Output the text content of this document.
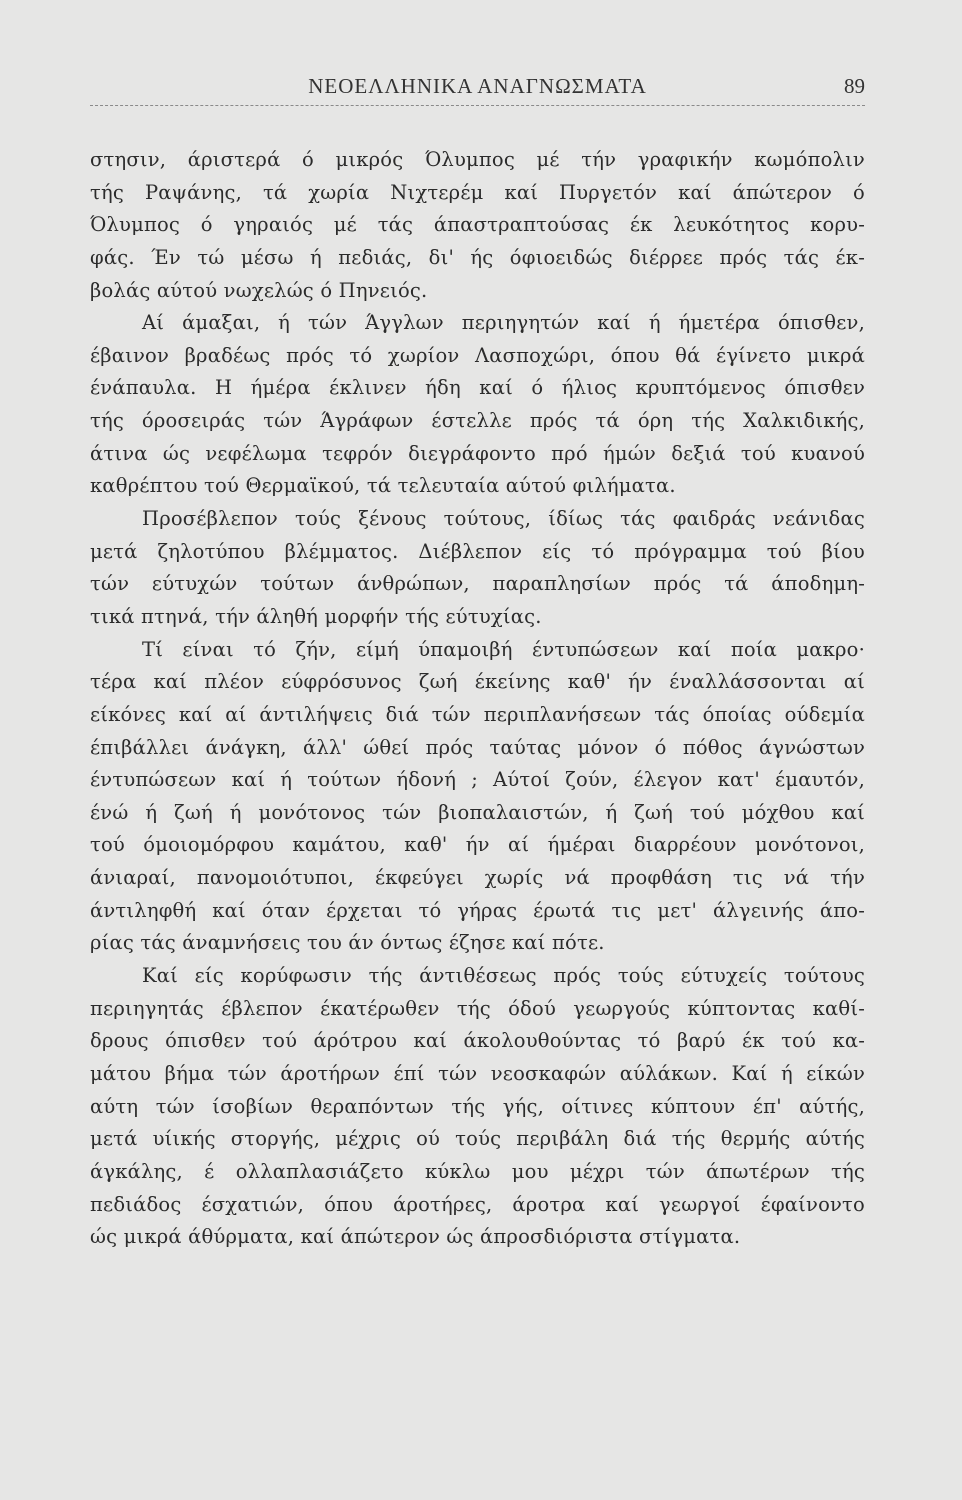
ΝΕΟΕΛΛΗΝΙΚΑ ΑΝΑΓΝΩΣΜΑΤΑ	89
στησιν, άριστερά ό μικρός Όλυμπος μέ τήν γραφικήν κωμόπολιν
τής Ραψάνης, τά χωρία Νιχτερέμ καί Πυργετόν καί άπώτερον ό
Όλυμπος ό γηραιός μέ τάς άπαστραπτούσας έκ λευκότητος κορυ-
φάς. Έν τώ μέσω ή πεδιάς, δι' ής όφιοειδώς διέρρεε πρός τάς έκ-
βολάς αύτού νωχελώς ό Πηνειός.
Αί άμαξαι, ή τών Άγγλων περιηγητών καί ή ήμετέρα όπισθεν,
έβαινον βραδέως πρός τό χωρίον Λασποχώρι, όπου θά έγίνετο μικρά
ένάπαυλα. Η ήμέρα έκλινεν ήδη καί ό ήλιος κρυπτόμενος όπισθεν
τής όροσειράς τών Άγράφων έστελλε πρός τά όρη τής Χαλκιδικής,
άτινα ώς νεφέλωμα τεφρόν διεγράφοντο πρό ήμών δεξιά τού κυανού
καθρέπτου τού Θερμαϊκού, τά τελευταία αύτού φιλήματα.
Προσέβλεπον τούς ξένους τούτους, ίδίως τάς φαιδράς νεάνιδας
μετά ζηλοτύπου βλέμματος. Διέβλεπον είς τό πρόγραμμα τού βίου
τών εύτυχών τούτων άνθρώπων, παραπλησίων πρός τά άποδημη-
τικά πτηνά, τήν άληθή μορφήν τής εύτυχίας.
Τί είναι τό ζήν, είμή ύπαμοιβή έντυπώσεων καί ποία μακρο·
τέρα καί πλέον εύφρόσυνος ζωή έκείνης καθ' ήν έναλλάσσονται αί
είκόνες καί αί άντιλήψεις διά τών περιπλανήσεων τάς όποίας ούδεμία
έπιβάλλει άνάγκη, άλλ' ώθεί πρός ταύτας μόνον ό πόθος άγνώστων
έντυπώσεων καί ή τούτων ήδονή ; Αύτοί ζούν, έλεγον κατ' έμαυτόν,
ένώ ή ζωή ή μονότονος τών βιοπαλαιστών, ή ζωή τού μόχθου καί
τού όμοιομόρφου καμάτου, καθ' ήν αί ήμέραι διαρρέουν μονότονοι,
άνιαραί, πανομοιότυποι, έκφεύγει χωρίς νά προφθάση τις νά τήν
άντιληφθή καί όταν έρχεται τό γήρας έρωτά τις μετ' άλγεινής άπο-
ρίας τάς άναμνήσεις του άν όντως έζησε καί πότε.
Καί είς κορύφωσιν τής άντιθέσεως πρός τούς εύτυχείς τούτους
περιηγητάς έβλεπον έκατέρωθεν τής όδού γεωργούς κύπτοντας καθί-
δρους όπισθεν τού άρότρου καί άκολουθούντας τό βαρύ έκ τού κα-
μάτου βήμα τών άροτήρων έπί τών νεοσκαφών αύλάκων. Καί ή είκών
αύτη τών ίσοβίων θεραπόντων τής γής, οίτινες κύπτουν έπ' αύτής,
μετά υίικής στοργής, μέχρις ού τούς περιβάλη διά τής θερμής αύτής
άγκάλης, έ ολλαπλασιάζετο κύκλω μου μέχρι τών άπωτέρων τής
πεδιάδος έσχατιών, όπου άροτήρες, άροτρα καί γεωργοί έφαίνοντο
ώς μικρά άθύρματα, καί άπώτερον ώς άπροσδιόριστα στίγματα.
